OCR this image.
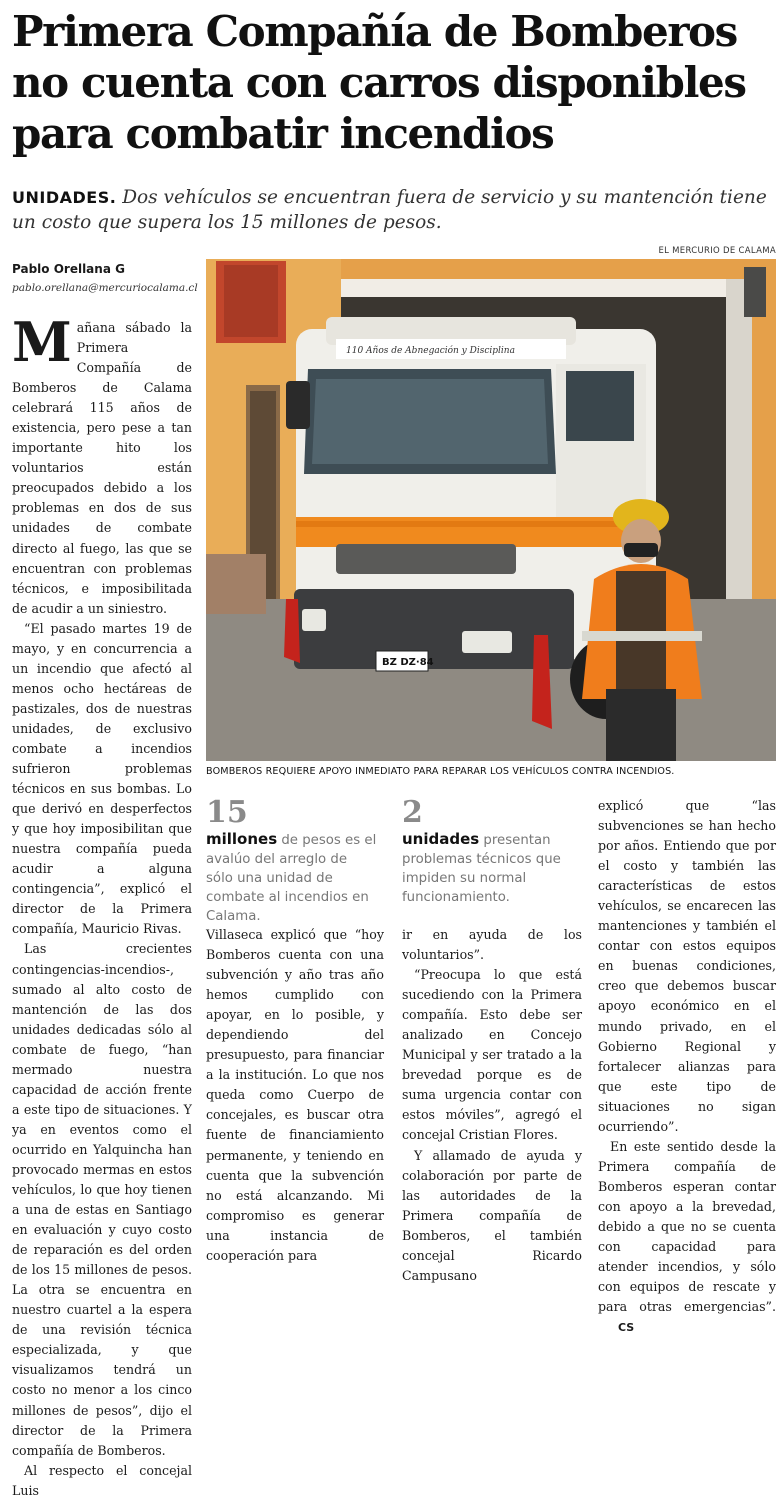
Primera Compañía de Bomberos
no cuenta con carros disponibles
para combatir incendios
UNIDADES. Dos vehículos se encuentran fuera de servicio y su mantención tiene un costo que supera los 15 millones de pesos.
EL MERCURIO DE CALAMA
Pablo Orellana G
pablo.orellana@mercuriocalama.cl
110 Años de Abnegación y Disciplina
BZ DZ·84
BOMBEROS REQUIERE APOYO INMEDIATO PARA REPARAR LOS VEHÍCULOS CONTRA INCENDIOS.

Mañana sábado la Primera Compañía de Bomberos de Calama celebrará 115 años de existencia, pero pese a tan importante hito los voluntarios están preocupados debido a los problemas en dos de sus unidades de combate directo al fuego, las que se encuentran con problemas técnicos, e imposibilitada de acudir a un siniestro.

“El pasado martes 19 de mayo, y en concurrencia a un incendio que afectó al menos ocho hectáreas de pastizales, dos de nuestras unidades, de exclusivo combate a incendios sufrieron problemas técnicos en sus bombas. Lo que derivó en desperfectos y que hoy imposibilitan que nuestra compañía pueda acudir a alguna contingencia”, explicó el director de la Primera compañía, Mauricio Rivas.

Las crecientes contingencias-incendios-, sumado al alto costo de mantención de las dos unidades dedicadas sólo al combate de fuego, “han mermado nuestra capacidad de acción frente a este tipo de situaciones. Y ya en eventos como el ocurrido en Yalquincha han provocado mermas en estos vehículos, lo que hoy tienen a una de estas en Santiago en evaluación y cuyo costo de reparación es del orden de los 15 millones de pesos. La otra se encuentra en nuestro cuartel a la espera de una revisión técnica especializada, y que visualizamos tendrá un costo no menor a los cinco millones de pesos”, dijo el director de la Primera compañía de Bomberos.

Al respecto el concejal Luis

15
millones de pesos es el avalúo del arreglo de sólo una unidad de combate al incendios en Calama.
2
unidades presentan problemas técnicos que impiden su normal funcionamiento.

Villaseca explicó que “hoy Bomberos cuenta con una subvención y año tras año hemos cumplido con apoyar, en lo posible, y dependiendo del presupuesto, para financiar a la institución. Lo que nos queda como Cuerpo de concejales, es buscar otra fuente de financiamiento permanente, y teniendo en cuenta que la subvención no está alcanzando. Mi compromiso es generar una instancia de cooperación para

ir en ayuda de los voluntarios”.

“Preocupa lo que está sucediendo con la Primera compañía. Esto debe ser analizado en Concejo Municipal y ser tratado a la brevedad porque es de suma urgencia contar con estos móviles”, agregó el concejal Cristian Flores.

Y allamado de ayuda y colaboración por parte de las autoridades de la Primera compañía de Bomberos, el también concejal Ricardo Campusano

explicó que “las subvenciones se han hecho por años. Entiendo que por el costo y también las características de estos vehículos, se encarecen las mantenciones y también el contar con estos equipos en buenas condiciones, creo que debemos buscar apoyo económico en el mundo privado, en el Gobierno Regional y fortalecer alianzas para que este tipo de situaciones no sigan ocurriendo”.

En este sentido desde la Primera compañía de Bomberos esperan contar con apoyo a la brevedad, debido a que no se cuenta con capacidad para atender incendios, y sólo con equipos de rescate y para otras emergencias”.CS
